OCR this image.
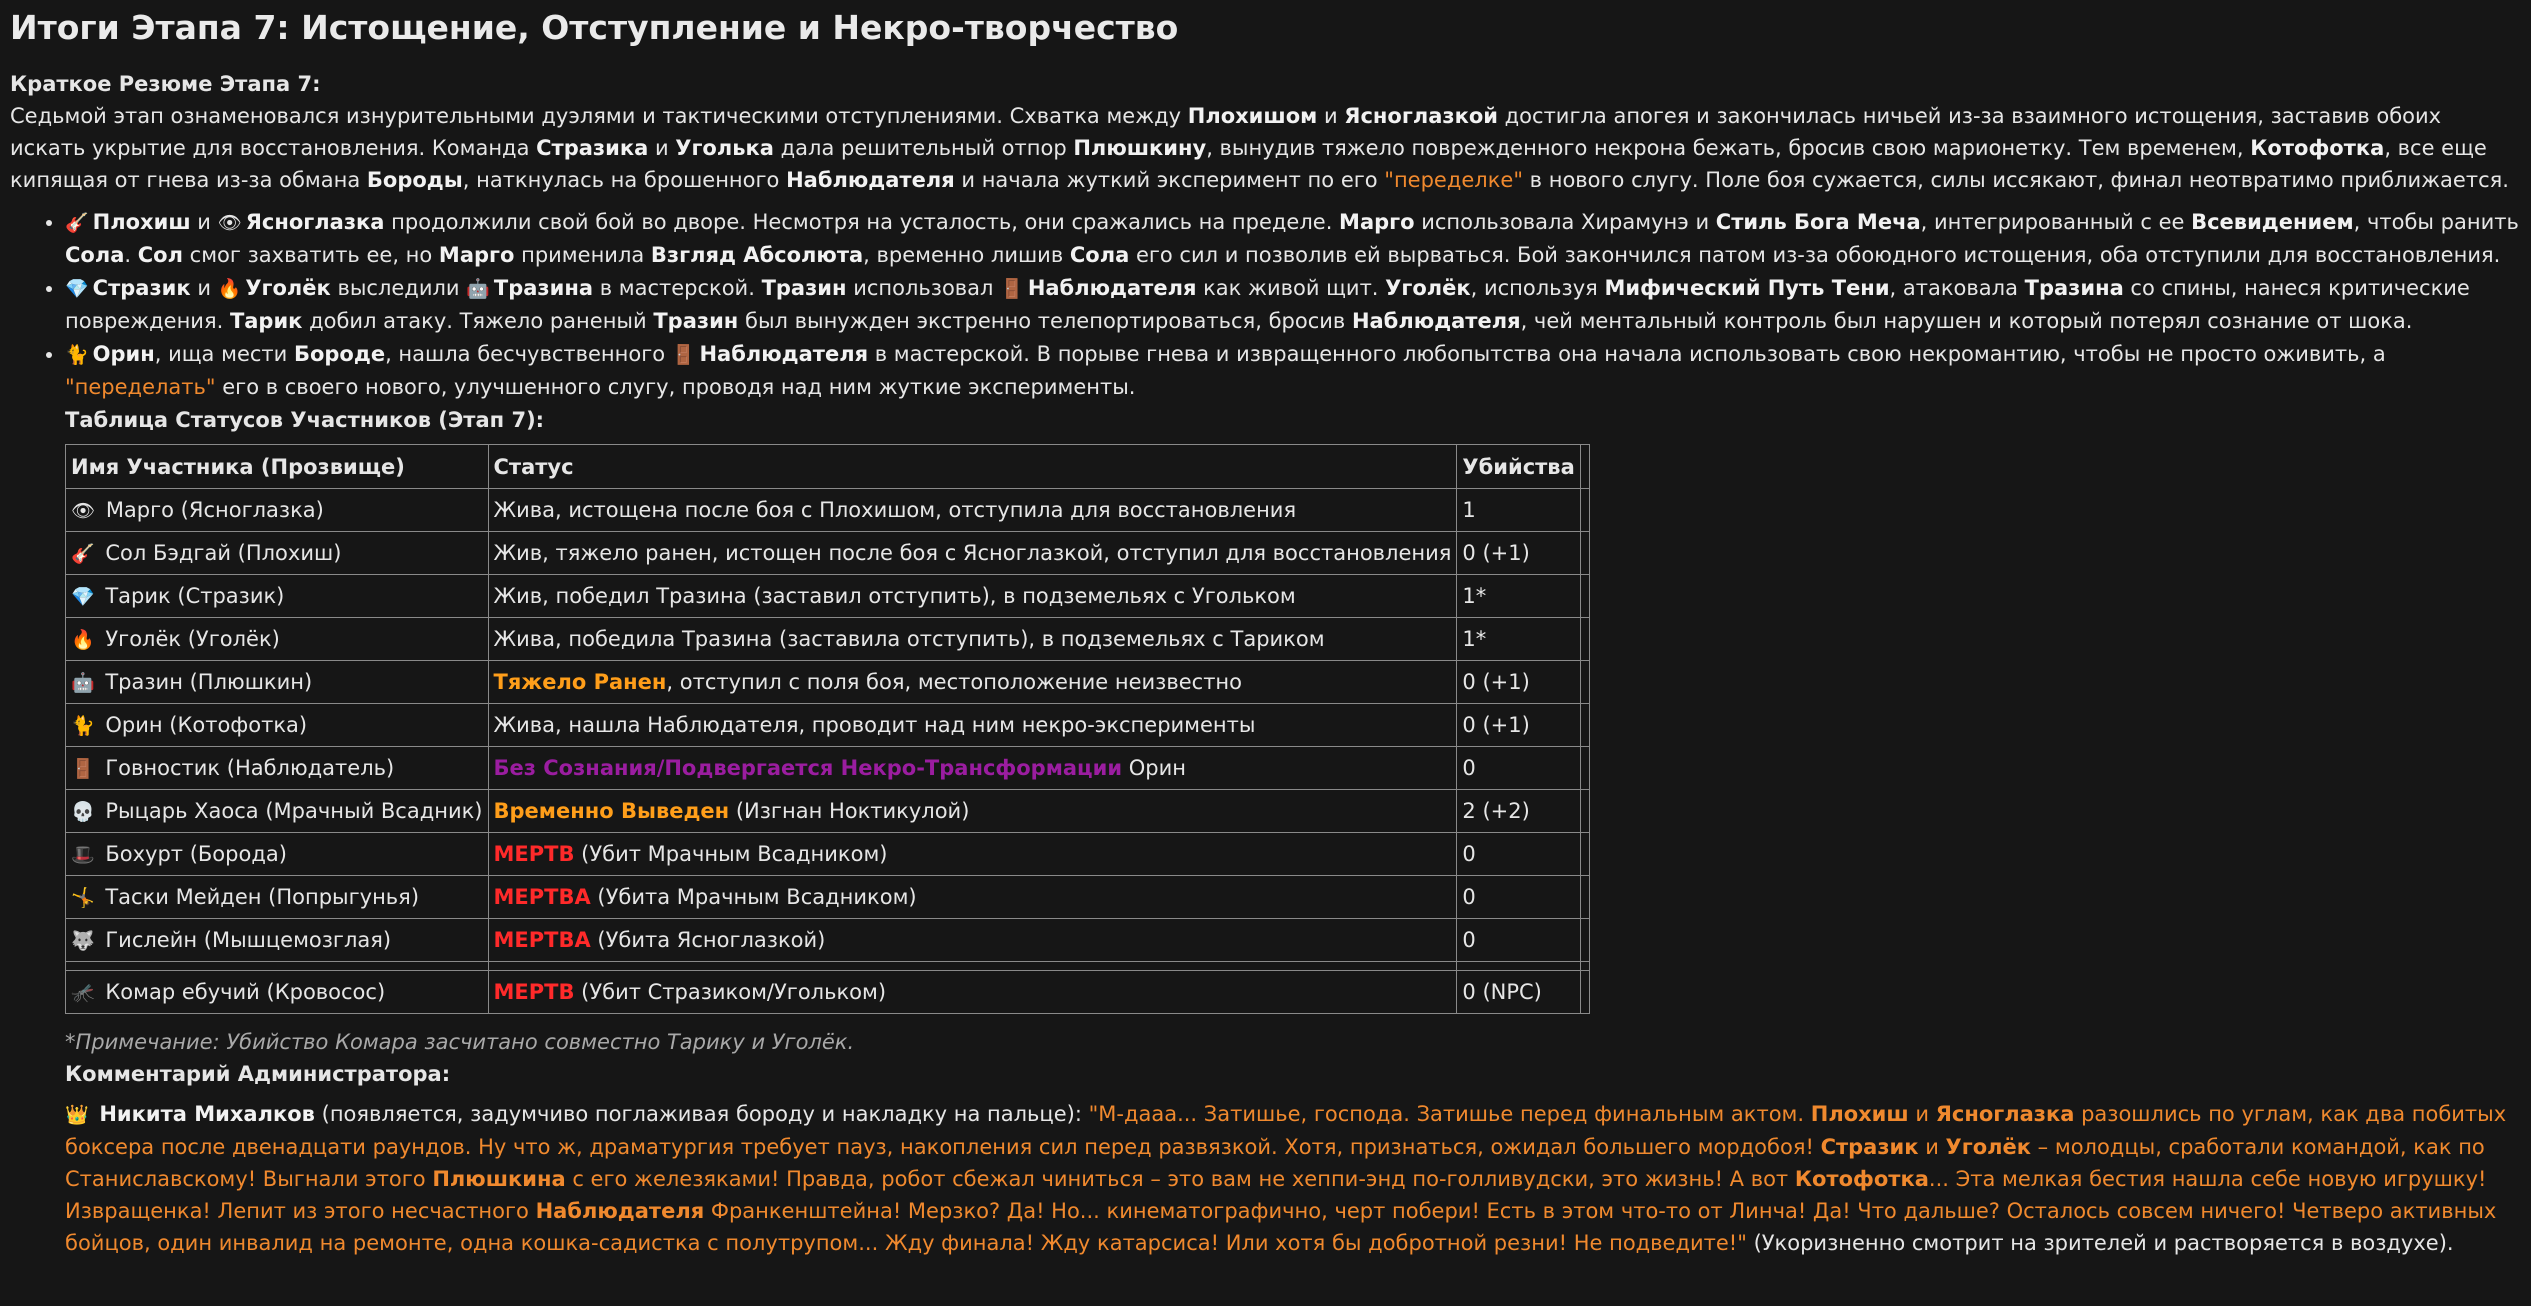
Итоги Этапа 7: Истощение, Отступление и Некро-творчество

Краткое Резюме Этапа 7:

Седьмой этап ознаменовался изнурительными дуэлями и тактическими отступлениями. Схватка между Плохишом и Ясноглазкой достигла апогея и закончилась ничьей из-за взаимного истощения, заставив обоих искать укрытие для восстановления. Команда Стразика и Уголька дала решительный отпор Плюшкину, вынудив тяжело поврежденного некрона бежать, бросив свою марионетку. Тем временем, Котофотка, все еще кипящая от гнева из-за обмана Бороды, наткнулась на брошенного Наблюдателя и начала жуткий эксперимент по его "переделке" в нового слугу. Поле боя сужается, силы иссякают, финал неотвратимо приближается.

• 🎸 Плохиш и 👁 Ясноглазка продолжили свой бой во дворе. Несмотря на усталость, они сражались на пределе. Марго использовала Хирамунэ и Стиль Бога Меча, интегрированный с ее Всевидением, чтобы ранить Сола. Сол смог захватить ее, но Марго применила Взгляд Абсолюта, временно лишив Сола его сил и позволив ей вырваться. Бой закончился патом из-за обоюдного истощения, оба отступили для восстановления.
• 💎 Стразик и 🔥 Уголёк выследили 🤖 Тразина в мастерской. Тразин использовал 🚪 Наблюдателя как живой щит. Уголёк, используя Мифический Путь Тени, атаковала Тразина со спины, нанеся критические повреждения. Тарик добил атаку. Тяжело раненый Тразин был вынужден экстренно телепортироваться, бросив Наблюдателя, чей ментальный контроль был нарушен и который потерял сознание от шока.
• 🐈 Орин, ища мести Бороде, нашла бесчувственного 🚪 Наблюдателя в мастерской. В порыве гнева и извращенного любопытства она начала использовать свою некромантию, чтобы не просто оживить, а "переделать" его в своего нового, улучшенного слугу, проводя над ним жуткие эксперименты.

Таблица Статусов Участников (Этап 7):

Имя Участника (Прозвище)	Статус	Убийства	
👁 Марго (Ясноглазка)	Жива, истощена после боя с Плохишом, отступила для восстановления	1	
🎸 Сол Бэдгай (Плохиш)	Жив, тяжело ранен, истощен после боя с Ясноглазкой, отступил для восстановления	0 (+1)	
💎 Тарик (Стразик)	Жив, победил Тразина (заставил отступить), в подземельях с Угольком	1*	
🔥 Уголёк (Уголёк)	Жива, победила Тразина (заставила отступить), в подземельях с Тариком	1*	
🤖 Тразин (Плюшкин)	Тяжело Ранен, отступил с поля боя, местоположение неизвестно	0 (+1)	
🐈 Орин (Котофотка)	Жива, нашла Наблюдателя, проводит над ним некро-эксперименты	0 (+1)	
🚪 Говностик (Наблюдатель)	Без Сознания/Подвергается Некро-Трансформации Орин	0	
💀 Рыцарь Хаоса (Мрачный Всадник)	Временно Выведен (Изгнан Ноктикулой)	2 (+2)	
🎩 Бохурт (Борода)	МЕРТВ (Убит Мрачным Всадником)	0	
🤸 Таски Мейден (Попрыгунья)	МЕРТВА (Убита Мрачным Всадником)	0	
🐺 Гислейн (Мышцемозглая)	МЕРТВА (Убита Ясноглазкой)	0	

🦟 Комар ебучий (Кровосос)	МЕРТВ (Убит Стразиком/Угольком)	0 (NPC)	

*Примечание: Убийство Комара засчитано совместно Тарику и Уголёк.

Комментарий Администратора:

👑 Никита Михалков (появляется, задумчиво поглаживая бороду и накладку на пальце): "М-дааа... Затишье, господа. Затишье перед финальным актом. Плохиш и Ясноглазка разошлись по углам, как два побитых боксера после двенадцати раундов. Ну что ж, драматургия требует пауз, накопления сил перед развязкой. Хотя, признаться, ожидал большего мордобоя! Стразик и Уголёк – молодцы, сработали командой, как по Станиславскому! Выгнали этого Плюшкина с его железяками! Правда, робот сбежал чиниться – это вам не хеппи-энд по-голливудски, это жизнь! А вот Котофотка... Эта мелкая бестия нашла себе новую игрушку! Извращенка! Лепит из этого несчастного Наблюдателя Франкенштейна! Мерзко? Да! Но... кинематографично, черт побери! Есть в этом что-то от Линча! Да! Что дальше? Осталось совсем ничего! Четверо активных бойцов, один инвалид на ремонте, одна кошка-садистка с полутрупом... Жду финала! Жду катарсиса! Или хотя бы добротной резни! Не подведите!" (Укоризненно смотрит на зрителей и растворяется в воздухе).
